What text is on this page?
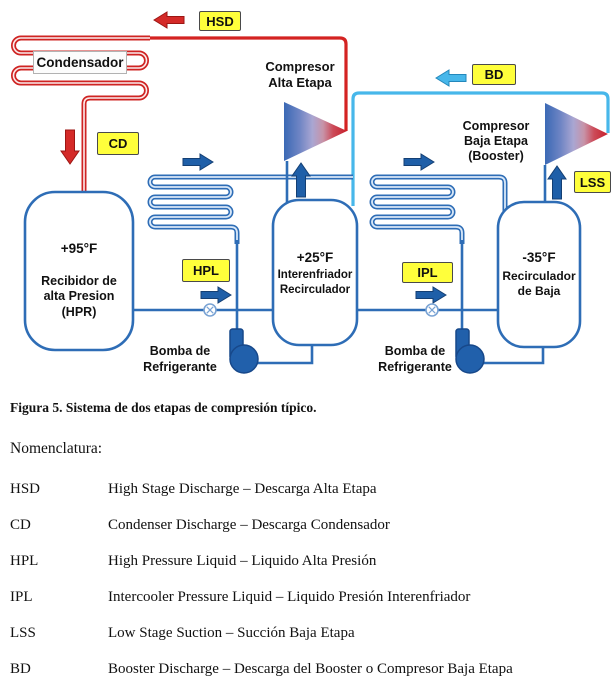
Condensador
HSD
CD
HPL	IPL
LSS
BD
Compresor
Alta Etapa
Compresor
Baja Etapa
(Booster)
+95°F
Recibidor de
alta Presion
(HPR)
+25°F
Interenfriador
Recirculador
-35°F
Recirculador
de Baja
Bomba de
Refrigerante
Bomba de
Refrigerante
Figura 5. Sistema de dos etapas de compresión típico.
Nomenclatura:
HSD	High Stage Discharge – Descarga Alta Etapa
CD	Condenser Discharge – Descarga Condensador
HPL	High Pressure Liquid – Liquido Alta Presión
IPL	Intercooler Pressure Liquid – Liquido Presión Interenfriador
LSS	Low Stage Suction – Succión Baja Etapa
BD	Booster Discharge – Descarga del Booster o Compresor Baja Etapa
